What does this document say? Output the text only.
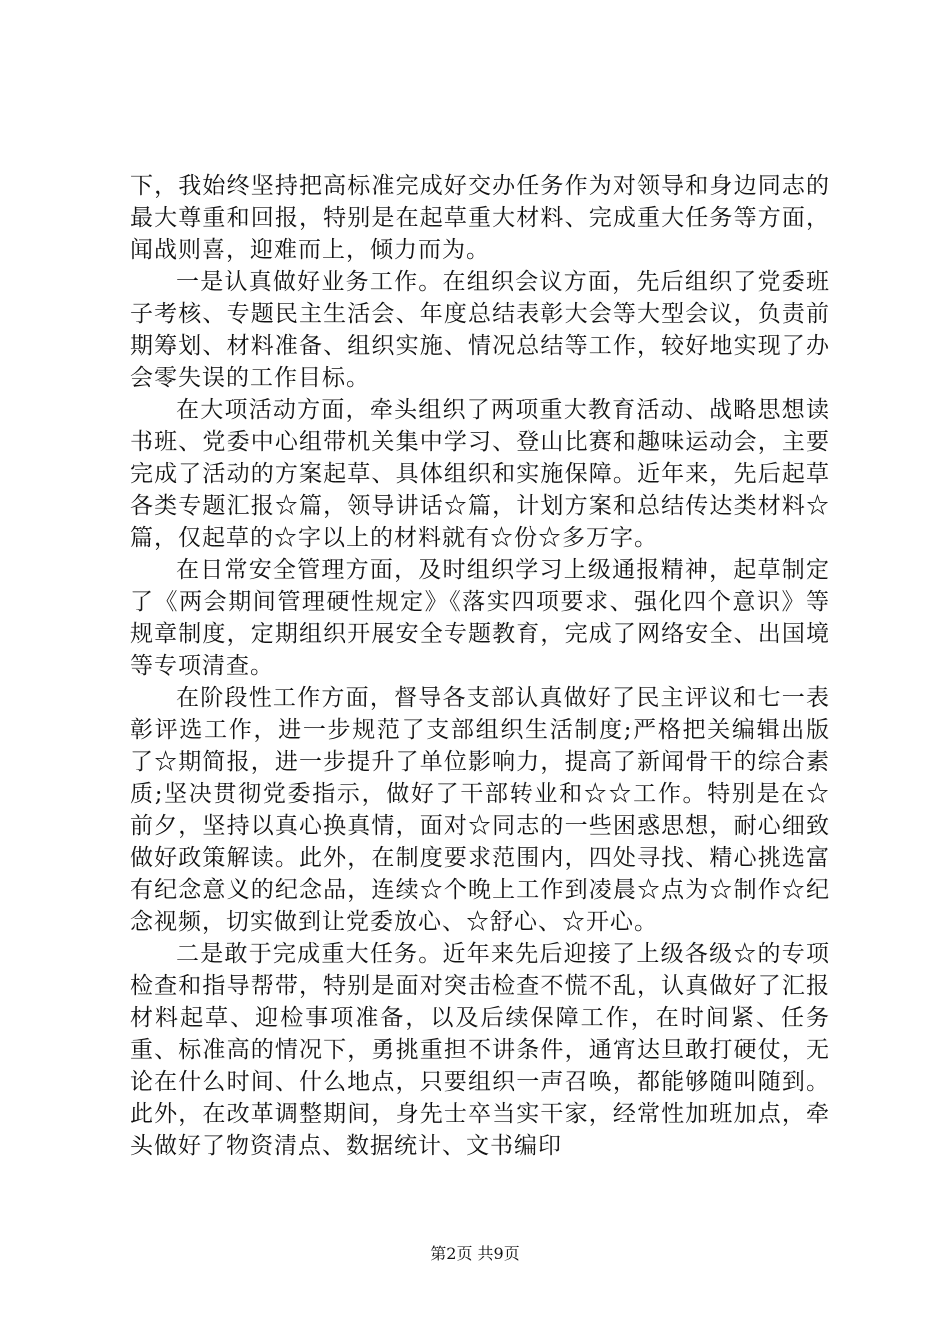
下，我始终坚持把高标准完成好交办任务作为对领导和身边同志的最大尊重和回报，特别是在起草重大材料、完成重大任务等方面，闻战则喜，迎难而上，倾力而为。

一是认真做好业务工作。在组织会议方面，先后组织了党委班子考核、专题民主生活会、年度总结表彰大会等大型会议，负责前期筹划、材料准备、组织实施、情况总结等工作，较好地实现了办会零失误的工作目标。

在大项活动方面，牵头组织了两项重大教育活动、战略思想读书班、党委中心组带机关集中学习、登山比赛和趣味运动会，主要完成了活动的方案起草、具体组织和实施保障。近年来，先后起草各类专题汇报☆篇，领导讲话☆篇，计划方案和总结传达类材料☆篇，仅起草的☆字以上的材料就有☆份☆多万字。

在日常安全管理方面，及时组织学习上级通报精神，起草制定了《两会期间管理硬性规定》《落实四项要求、强化四个意识》等规章制度，定期组织开展安全专题教育，完成了网络安全、出国境等专项清查。

在阶段性工作方面，督导各支部认真做好了民主评议和七一表彰评选工作，进一步规范了支部组织生活制度;严格把关编辑出版了☆期简报，进一步提升了单位影响力，提高了新闻骨干的综合素质;坚决贯彻党委指示，做好了干部转业和☆☆工作。特别是在☆前夕，坚持以真心换真情，面对☆同志的一些困惑思想，耐心细致做好政策解读。此外，在制度要求范围内，四处寻找、精心挑选富有纪念意义的纪念品，连续☆个晚上工作到凌晨☆点为☆制作☆纪念视频，切实做到让党委放心、☆舒心、☆开心。

二是敢于完成重大任务。近年来先后迎接了上级各级☆的专项检查和指导帮带，特别是面对突击检查不慌不乱，认真做好了汇报材料起草、迎检事项准备，以及后续保障工作，在时间紧、任务重、标准高的情况下，勇挑重担不讲条件，通宵达旦敢打硬仗，无论在什么时间、什么地点，只要组织一声召唤，都能够随叫随到。此外，在改革调整期间，身先士卒当实干家，经常性加班加点，牵头做好了物资清点、数据统计、文书编印

第2页 共9页
